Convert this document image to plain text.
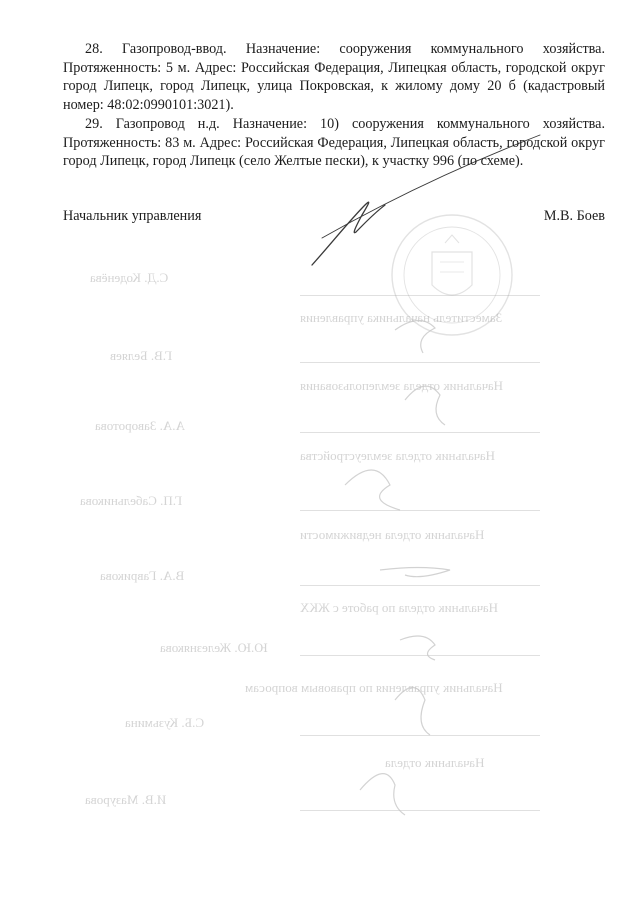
С.Д. Коденёва
Заместитель начальника управления
Г.В. Беляев
Начальник отдела землепользования
А.А. Заворотова
Начальник отдела землеустройства
Г.П. Сабельникова
Начальник отдела недвижимости
В.А. Гаврикова
Начальник отдела по работе с ЖКХ
Ю.Ю. Железнякова
Начальник управления по правовым вопросам
С.Б. Кузьмина
Начальник отдела
И.В. Мазурова

28. Газопровод-ввод. Назначение: сооружения коммунального хозяйства. Протяженность: 5 м. Адрес: Российская Федерация, Липецкая область, городской округ город Липецк, город Липецк, улица Покровская, к жилому дому 20 б (кадастровый номер: 48:02:0990101:3021).

29. Газопровод н.д. Назначение: 10) сооружения коммунального хозяйства. Протяженность: 83 м. Адрес: Российская Федерация, Липецкая область, городской округ город Липецк, город Липецк (село Желтые пески), к участку 996 (по схеме).

Начальник управления	М.В. Боев
